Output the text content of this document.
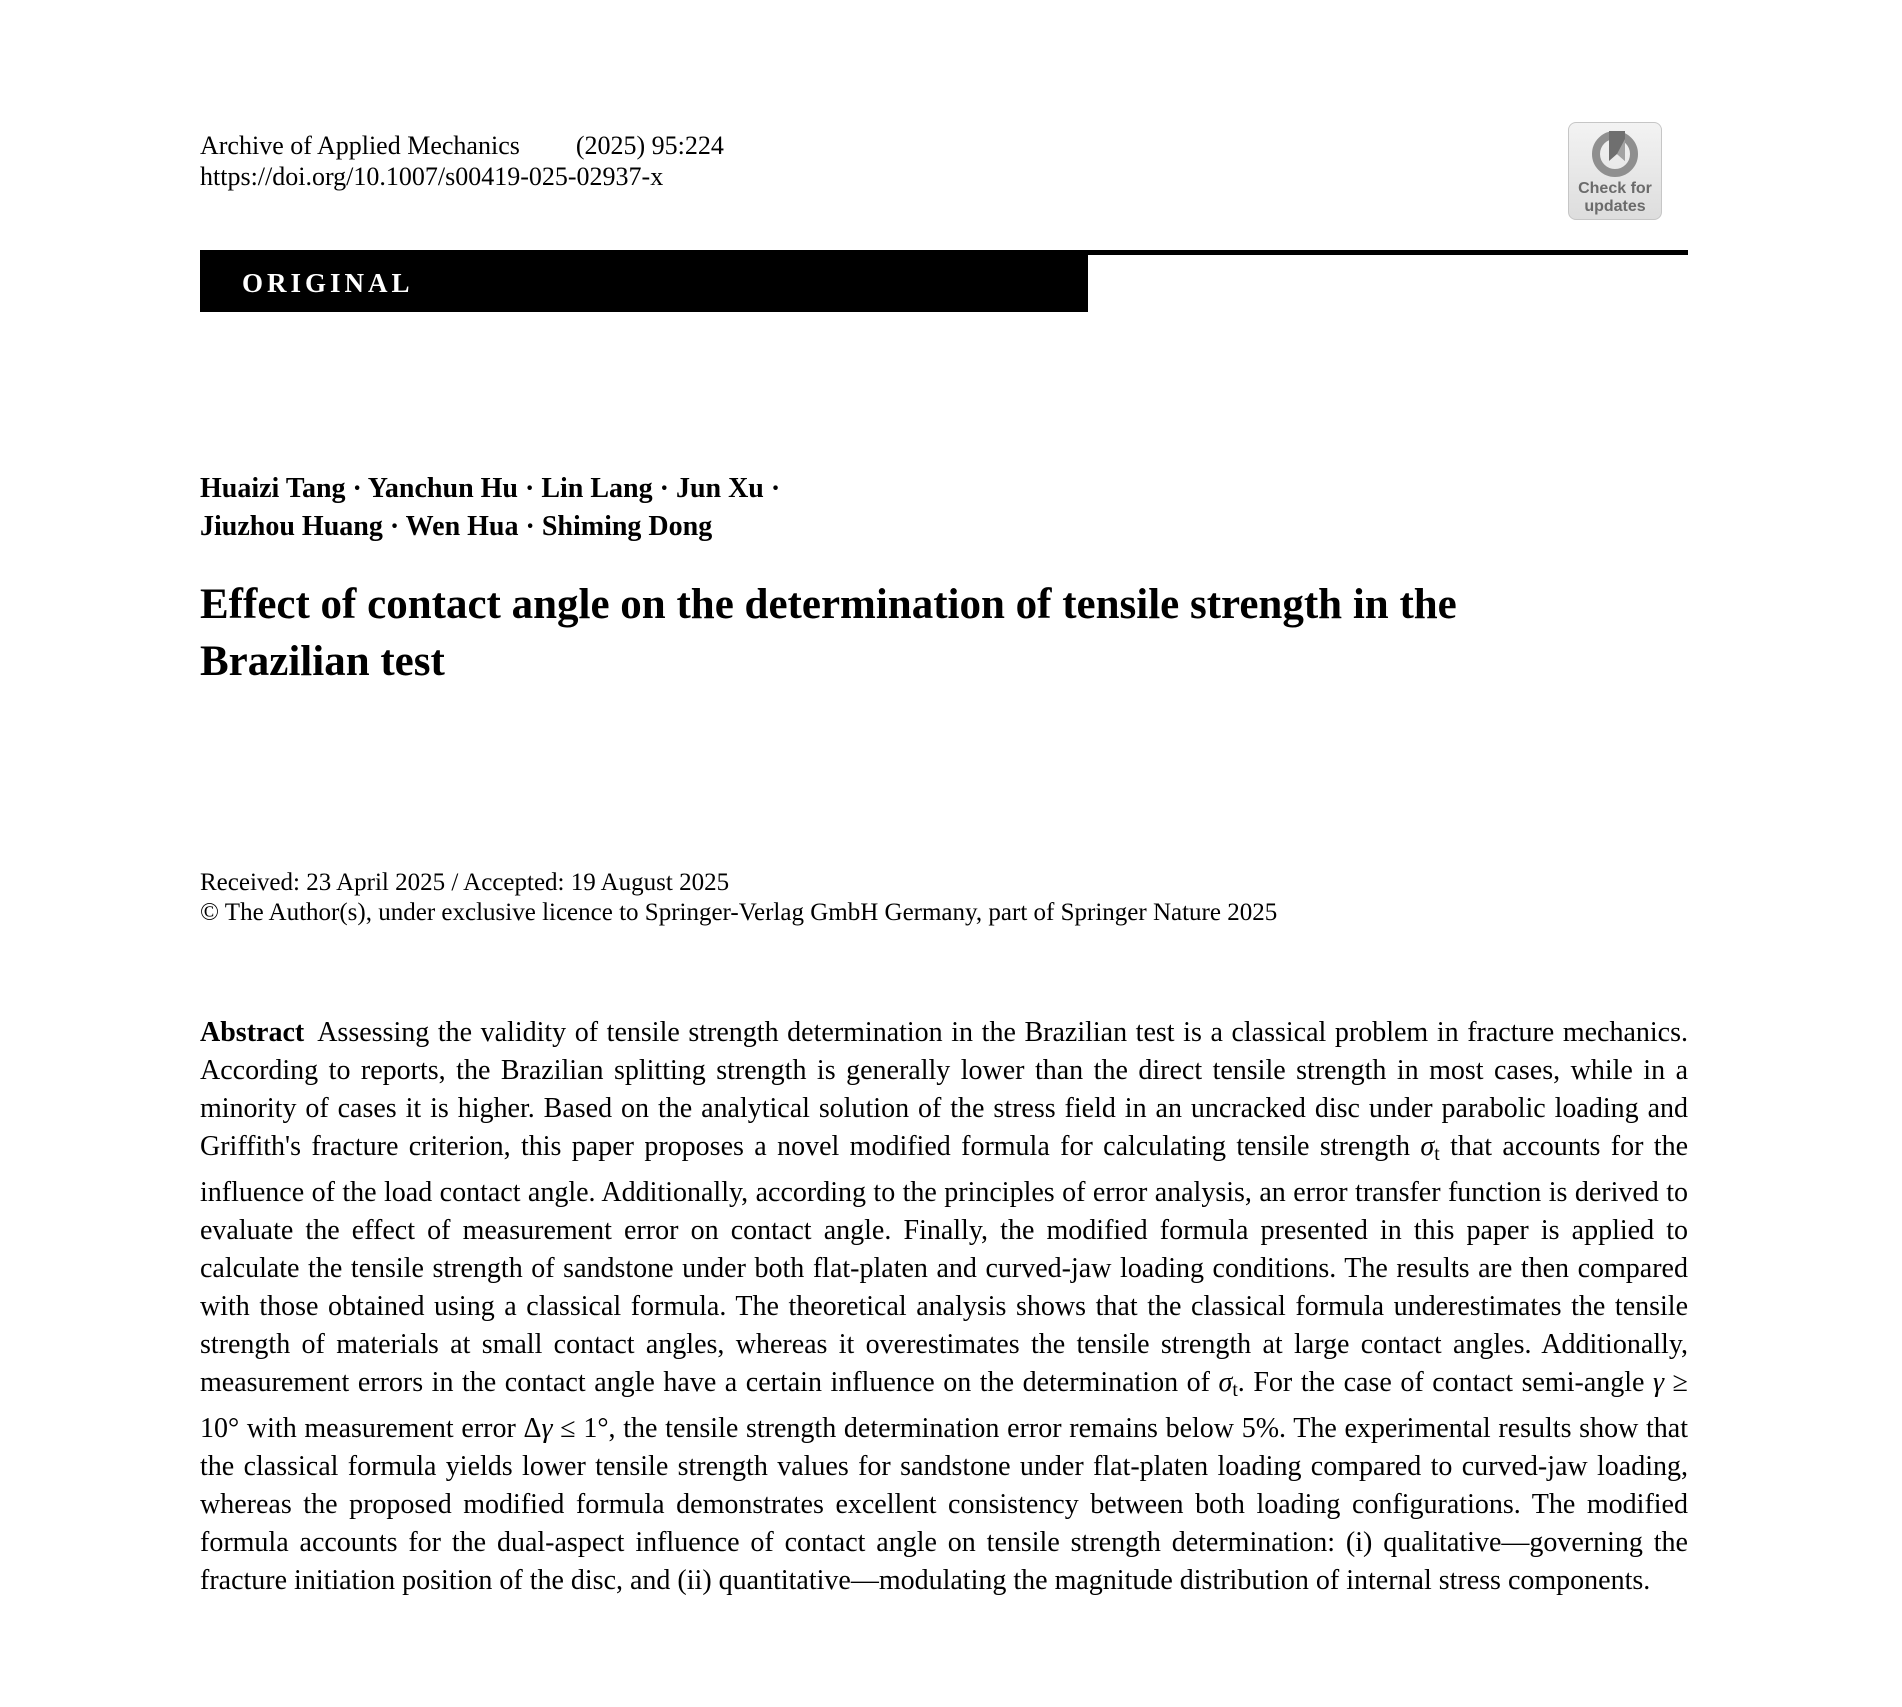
Archive of Applied Mechanics (2025) 95:224
https://doi.org/10.1007/s00419-025-02937-x	Check for
updates
ORIGINAL
Huaizi Tang · Yanchun Hu · Lin Lang · Jun Xu ·
Jiuzhou Huang · Wen Hua · Shiming Dong
Effect of contact angle on the determination of tensile strength in the Brazilian test
Received: 23 April 2025 / Accepted: 19 August 2025
© The Author(s), under exclusive licence to Springer-Verlag GmbH Germany, part of Springer Nature 2025

Abstract Assessing the validity of tensile strength determination in the Brazilian test is a classical problem in fracture mechanics. According to reports, the Brazilian splitting strength is generally lower than the direct tensile strength in most cases, while in a minority of cases it is higher. Based on the analytical solution of the stress field in an uncracked disc under parabolic loading and Griffith's fracture criterion, this paper proposes a novel modified formula for calculating tensile strength σt that accounts for the influence of the load contact angle. Additionally, according to the principles of error analysis, an error transfer function is derived to evaluate the effect of measurement error on contact angle. Finally, the modified formula presented in this paper is applied to calculate the tensile strength of sandstone under both flat-platen and curved-jaw loading conditions. The results are then compared with those obtained using a classical formula. The theoretical analysis shows that the classical formula underestimates the tensile strength of materials at small contact angles, whereas it overestimates the tensile strength at large contact angles. Additionally, measurement errors in the contact angle have a certain influence on the determination of σt. For the case of contact semi-angle γ ≥ 10° with measurement error Δγ ≤ 1°, the tensile strength determination error remains below 5%. The experimental results show that the classical formula yields lower tensile strength values for sandstone under flat-platen loading compared to curved-jaw loading, whereas the proposed modified formula demonstrates excellent consistency between both loading configurations. The modified formula accounts for the dual-aspect influence of contact angle on tensile strength determination: (i) qualitative—governing the fracture initiation position of the disc, and (ii) quantitative—modulating the magnitude distribution of internal stress components.
